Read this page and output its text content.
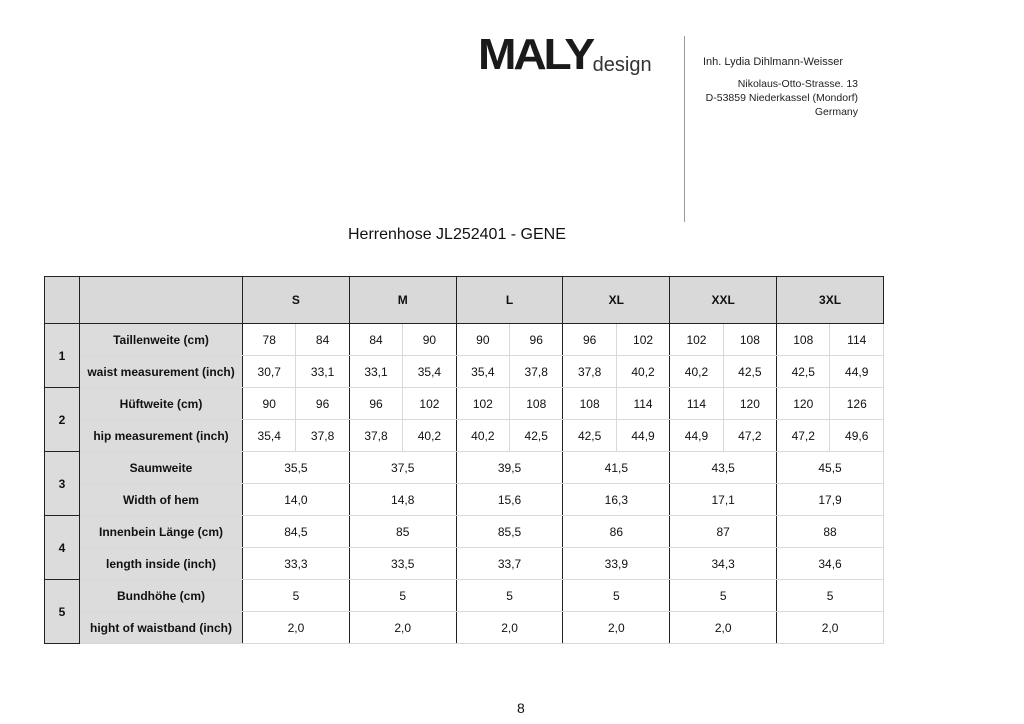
MALY design	Inh. Lydia Dihlmann-Weisser
Nikolaus-Otto-Strasse. 13
D-53859 Niederkassel (Mondorf)
Germany
Herrenhose JL252401 - GENE
		S		M		L		XL		XXL		3XL	
1	Taillenweite (cm)	78	84	84	90	90	96	96	102	102	108	108	114
	waist measurement (inch)	30,7	33,1	33,1	35,4	35,4	37,8	37,8	40,2	40,2	42,5	42,5	44,9
2	Hüftweite (cm)	90	96	96	102	102	108	108	114	114	120	120	126
	hip measurement (inch)	35,4	37,8	37,8	40,2	40,2	42,5	42,5	44,9	44,9	47,2	47,2	49,6
3	Saumweite	35,5		37,5		39,5		41,5		43,5		45,5	
	Width of hem	14,0		14,8		15,6		16,3		17,1		17,9	
4	Innenbein Länge (cm)	84,5		85		85,5		86		87		88	
	length inside (inch)	33,3		33,5		33,7		33,9		34,3		34,6	
5	Bundhöhe (cm)	5		5		5		5		5		5	
	hight of waistband (inch)	2,0		2,0		2,0		2,0		2,0		2,0	
8
